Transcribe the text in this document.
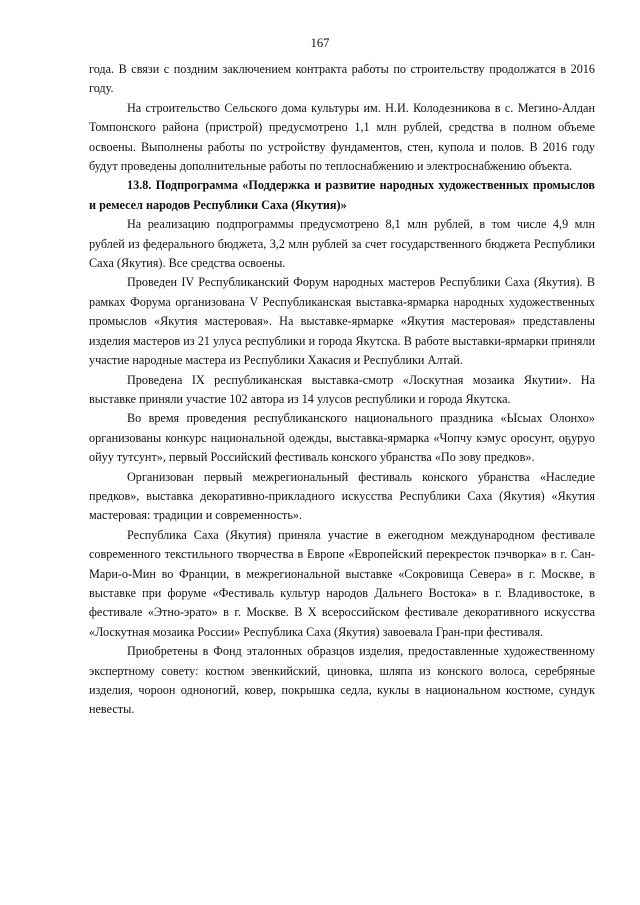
167

года. В связи с поздним заключением контракта работы по строительству продолжатся в 2016 году.

На строительство Сельского дома культуры им. Н.И. Колодезникова в с. Мегино-Алдан Томпонского района (пристрой) предусмотрено 1,1 млн рублей, средства в полном объеме освоены. Выполнены работы по устройству фундаментов, стен, купола и полов. В 2016 году будут проведены дополнительные работы по теплоснабжению и электроснабжению объекта.

13.8. Подпрограмма «Поддержка и развитие народных художественных промыслов и ремесел народов Республики Саха (Якутия)»

На реализацию подпрограммы предусмотрено 8,1 млн рублей, в том числе 4,9 млн рублей из федерального бюджета, 3,2 млн рублей за счет государственного бюджета Республики Саха (Якутия). Все средства освоены.

Проведен IV Республиканский Форум народных мастеров Республики Саха (Якутия). В рамках Форума организована V Республиканская выставка-ярмарка народных художественных промыслов «Якутия мастеровая». На выставке-ярмарке «Якутия мастеровая» представлены изделия мастеров из 21 улуса республики и города Якутска. В работе выставки-ярмарки приняли участие народные мастера из Республики Хакасия и Республики Алтай.

Проведена IX республиканская выставка-смотр «Лоскутная мозаика Якутии». На выставке приняли участие 102 автора из 14 улусов республики и города Якутска.

Во время проведения республиканского национального праздника «Ысыах Олонхо» организованы конкурс национальной одежды, выставка-ярмарка «Чопчу кэмус оросунт, оҕуруо ойуу тутсунт», первый Российский фестиваль конского убранства «По зову предков».

Организован первый межрегиональный фестиваль конского убранства «Наследие предков», выставка декоративно-прикладного искусства Республики Саха (Якутия) «Якутия мастеровая: традиции и современность».

Республика Саха (Якутия) приняла участие в ежегодном международном фестивале современного текстильного творчества в Европе «Европейский перекресток пэчворка» в г. Сан-Мари-о-Мин во Франции, в межрегиональной выставке «Сокровища Севера» в г. Москве, в выставке при форуме «Фестиваль культур народов Дальнего Востока» в г. Владивостоке, в фестивале «Этно-эрато» в г. Москве. В X всероссийском фестивале декоративного искусства «Лоскутная мозаика России» Республика Саха (Якутия) завоевала Гран-при фестиваля.

Приобретены в Фонд эталонных образцов изделия, предоставленные художественному экспертному совету: костюм эвенкийский, циновка, шляпа из конского волоса, серебряные изделия, чороон одноногий, ковер, покрышка седла, куклы в национальном костюме, сундук невесты.
